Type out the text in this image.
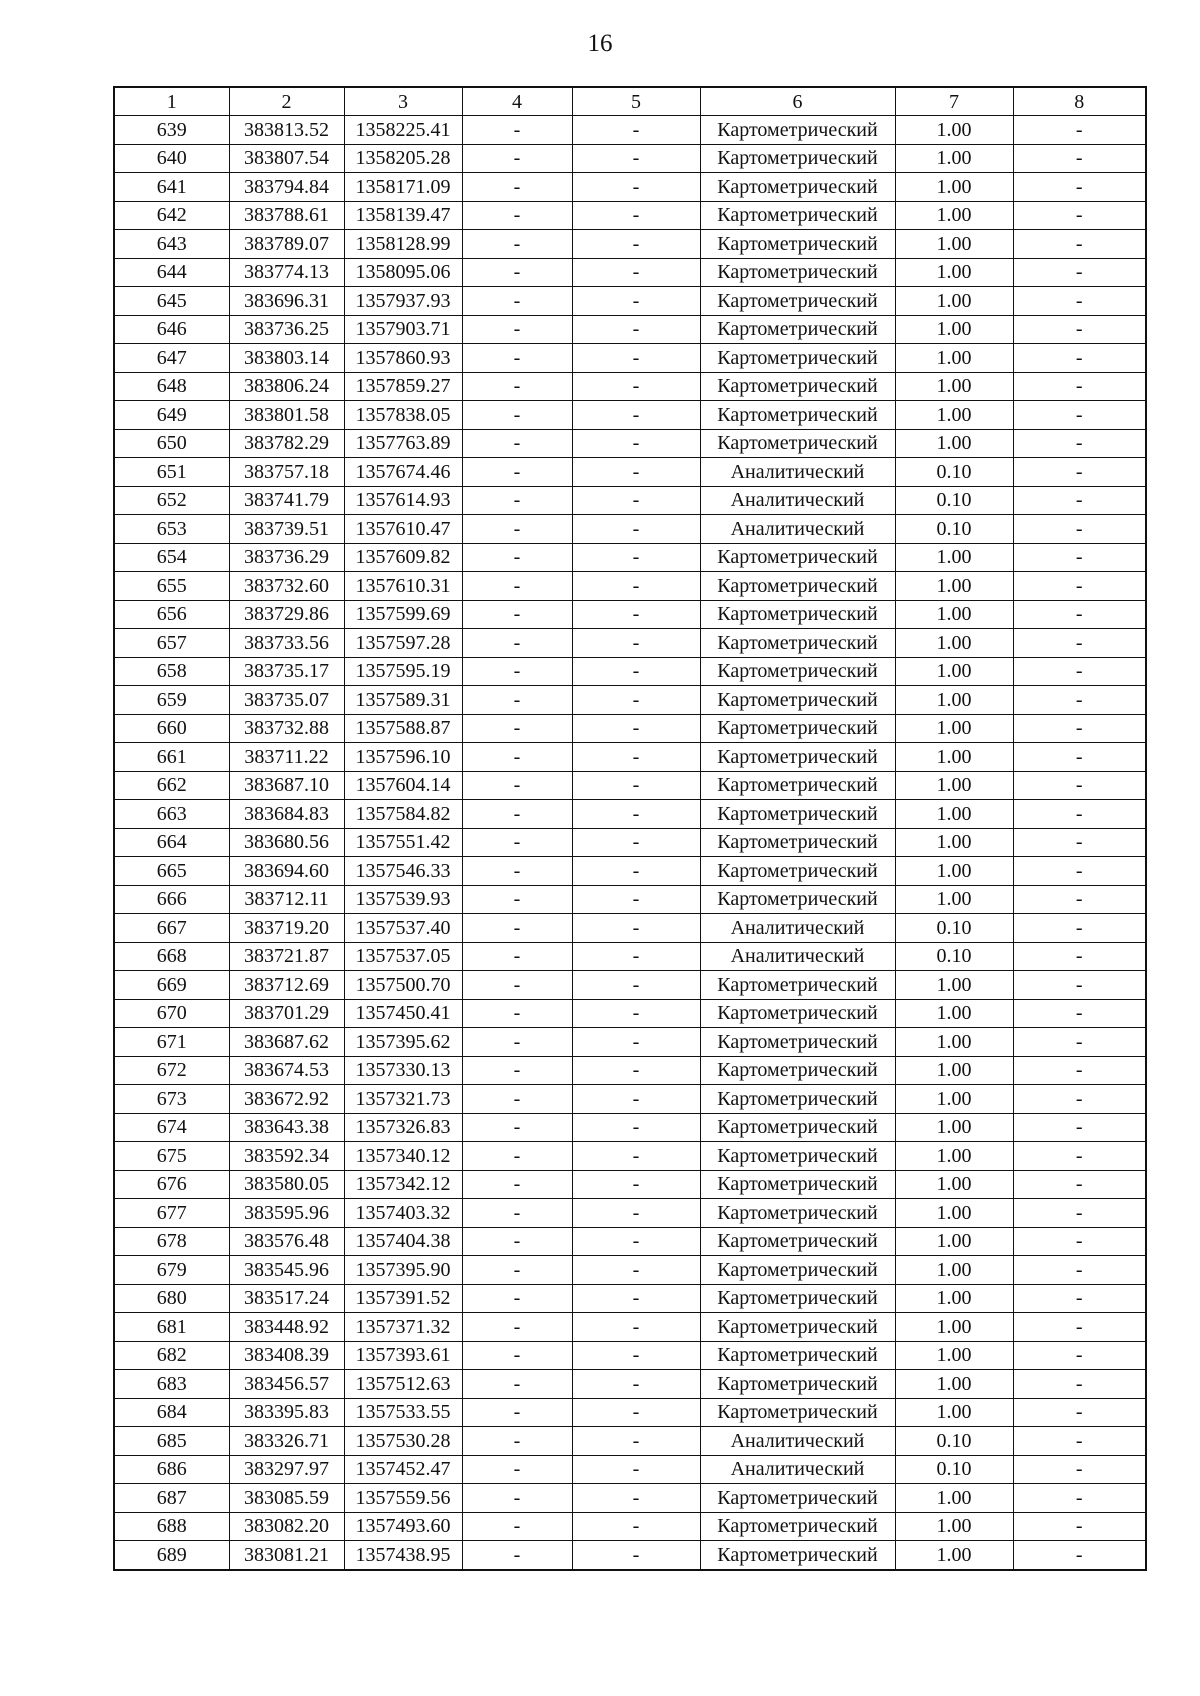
16
1	2	3	4	5	6	7	8
639	383813.52	1358225.41	-	-	Картометрический	1.00	-
640	383807.54	1358205.28	-	-	Картометрический	1.00	-
641	383794.84	1358171.09	-	-	Картометрический	1.00	-
642	383788.61	1358139.47	-	-	Картометрический	1.00	-
643	383789.07	1358128.99	-	-	Картометрический	1.00	-
644	383774.13	1358095.06	-	-	Картометрический	1.00	-
645	383696.31	1357937.93	-	-	Картометрический	1.00	-
646	383736.25	1357903.71	-	-	Картометрический	1.00	-
647	383803.14	1357860.93	-	-	Картометрический	1.00	-
648	383806.24	1357859.27	-	-	Картометрический	1.00	-
649	383801.58	1357838.05	-	-	Картометрический	1.00	-
650	383782.29	1357763.89	-	-	Картометрический	1.00	-
651	383757.18	1357674.46	-	-	Аналитический	0.10	-
652	383741.79	1357614.93	-	-	Аналитический	0.10	-
653	383739.51	1357610.47	-	-	Аналитический	0.10	-
654	383736.29	1357609.82	-	-	Картометрический	1.00	-
655	383732.60	1357610.31	-	-	Картометрический	1.00	-
656	383729.86	1357599.69	-	-	Картометрический	1.00	-
657	383733.56	1357597.28	-	-	Картометрический	1.00	-
658	383735.17	1357595.19	-	-	Картометрический	1.00	-
659	383735.07	1357589.31	-	-	Картометрический	1.00	-
660	383732.88	1357588.87	-	-	Картометрический	1.00	-
661	383711.22	1357596.10	-	-	Картометрический	1.00	-
662	383687.10	1357604.14	-	-	Картометрический	1.00	-
663	383684.83	1357584.82	-	-	Картометрический	1.00	-
664	383680.56	1357551.42	-	-	Картометрический	1.00	-
665	383694.60	1357546.33	-	-	Картометрический	1.00	-
666	383712.11	1357539.93	-	-	Картометрический	1.00	-
667	383719.20	1357537.40	-	-	Аналитический	0.10	-
668	383721.87	1357537.05	-	-	Аналитический	0.10	-
669	383712.69	1357500.70	-	-	Картометрический	1.00	-
670	383701.29	1357450.41	-	-	Картометрический	1.00	-
671	383687.62	1357395.62	-	-	Картометрический	1.00	-
672	383674.53	1357330.13	-	-	Картометрический	1.00	-
673	383672.92	1357321.73	-	-	Картометрический	1.00	-
674	383643.38	1357326.83	-	-	Картометрический	1.00	-
675	383592.34	1357340.12	-	-	Картометрический	1.00	-
676	383580.05	1357342.12	-	-	Картометрический	1.00	-
677	383595.96	1357403.32	-	-	Картометрический	1.00	-
678	383576.48	1357404.38	-	-	Картометрический	1.00	-
679	383545.96	1357395.90	-	-	Картометрический	1.00	-
680	383517.24	1357391.52	-	-	Картометрический	1.00	-
681	383448.92	1357371.32	-	-	Картометрический	1.00	-
682	383408.39	1357393.61	-	-	Картометрический	1.00	-
683	383456.57	1357512.63	-	-	Картометрический	1.00	-
684	383395.83	1357533.55	-	-	Картометрический	1.00	-
685	383326.71	1357530.28	-	-	Аналитический	0.10	-
686	383297.97	1357452.47	-	-	Аналитический	0.10	-
687	383085.59	1357559.56	-	-	Картометрический	1.00	-
688	383082.20	1357493.60	-	-	Картометрический	1.00	-
689	383081.21	1357438.95	-	-	Картометрический	1.00	-
